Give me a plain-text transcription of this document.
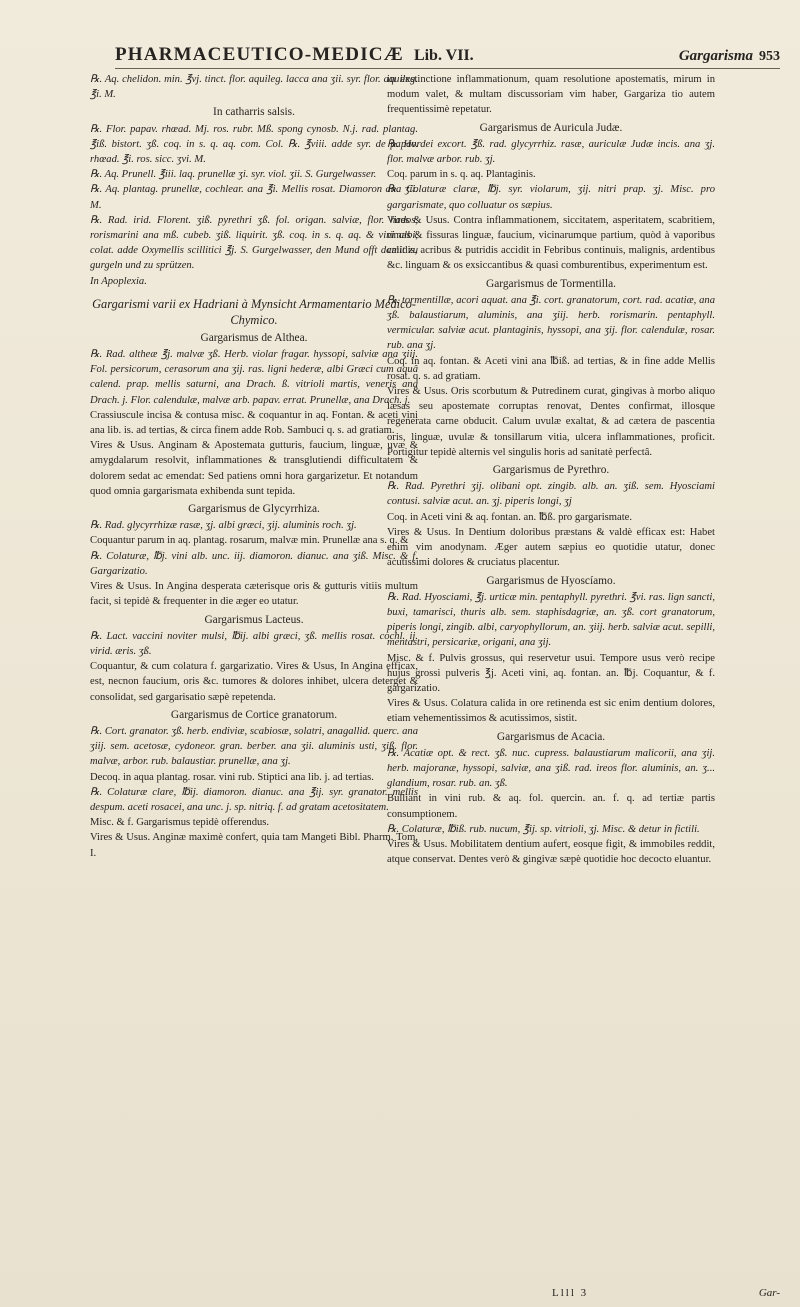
PHARMACEUTICO-MEDICÆ Lib. VII.	Gargarisma 953

℞. Aq. chelidon. min. ℥vj. tinct. flor. aquileg. lacca ana ʒii. syr. flor. aquileg. ℥i. M.

In catharris salsis.

℞. Flor. papav. rhœad. Mj. ros. rubr. Mß. spong cynosb. N.j. rad. plantag. ℥iß. bistort. ʒß. coq. in s. q. aq. com. Col. ℞. ℥viii. adde syr. de papav. rhœad. ℥i. ros. sicc. ʒvi. M.

℞. Aq. Prunell. ℥iii. laq. prunellæ ʒi. syr. viol. ʒii. S. Gurgelwasser.

℞. Aq. plantag. prunellæ, cochlear. ana ℥i. Mellis rosat. Diamoron ana ʒii. M.

℞. Rad. irid. Florent. ʒiß. pyrethri ʒß. fol. origan. salviæ, flor. hados, rorismarini ana mß. cubeb. ʒiß. liquirit. ʒß. coq. in s. q. aq. & vini albi, colat. adde Oxymellis scillitici ℥j. S. Gurgelwasser, den Mund offt damit zu gurgeln und zu sprützen.

In Apoplexia.

Gargarismi varii ex Hadriani à Mynsicht Armamentario Medico-Chymico.

Gargarismus de Althea.

℞. Rad. altheæ ℥j. malvæ ʒß. Herb. violar fragar. hyssopi, salviæ ana ʒiij. Fol. persicorum, cerasorum ana ʒij. ras. ligni hederæ, albi Græci cum aquâ calend. prap. mellis saturni, ana Drach. ß. vitrioli martis, veneris ana Drach. j. Flor. calendulæ, malvæ arb. papav. errat. Prunellæ, ana Drach. j.

Crassiuscule incisa & contusa misc. & coquantur in aq. Fontan. & aceti vini ana lib. is. ad tertias, & circa finem adde Rob. Sambuci q. s. ad gratiam.

Vires & Usus. Anginam & Apostemata gutturis, faucium, linguæ, uvæ & amygdalarum resolvit, inflammationes & transglutiendi difficultatem & dolorem sedat ac emendat: Sed patiens omni hora gargarizetur. Et notandum quod omnia gargarismata exhibenda sunt tepida.

Gargarismus de Glycyrrhiza.

℞. Rad. glycyrrhizæ rasæ, ʒj. albi græci, ʒij. aluminis roch. ʒj.

Coquantur parum in aq. plantag. rosarum, malvæ min. Prunellæ ana s. q. &

℞. Colaturæ, ℔j. vini alb. unc. iij. diamoron. dianuc. ana ʒiß. Misc. & f. Gargarizatio.

Vires & Usus. In Angina desperata cæterisque oris & gutturis vitiis multum facit, si tepidè & frequenter in die æger eo utatur.

Gargarismus Lacteus.

℞. Lact. vaccini noviter mulsi, ℔ij. albi græci, ʒß. mellis rosat. cochl. ij. virid. æris. ʒß.

Coquantur, & cum colatura f. gargarizatio. Vires & Usus, In Angina efficax, est, necnon faucium, oris &c. tumores & dolores inhibet, ulcera deterget & consolidat, sed gargarisatio sæpè repetenda.

Gargarismus de Cortice granatorum.

℞. Cort. granator. ʒß. herb. endiviæ, scabiosæ, solatri, anagallid. querc. ana ʒiij. sem. acetosæ, cydoneor. gran. berber. ana ʒii. aluminis usti, ʒiß. flor. malvæ, arbor. rub. balaustiar. prunellæ, ana ʒj.

Decoq. in aqua plantag. rosar. vini rub. Stiptici ana lib. j. ad tertias.

℞. Colaturæ clare, ℔ij. diamoron. dianuc. ana ℥ij. syr. granator. mellis despum. aceti rosacei, ana unc. j. sp. nitriq. f. ad gratam acetositatem.

Misc. & f. Gargarismus tepidè offerendus.

Vires & Usus. Anginæ maximè confert, quia tam Mangeti Bibl. Pharm. Tom. I.

in exstinctione inflammationum, quam resolutione apostematis, mirum in modum valet, & multam discussoriam vim haber, Gargariza tio autem frequentissimè repetatur.

Gargarismus de Auricula Judæ.

℞. Hordei excort. ℥ß. rad. glycyrrhiz. rasæ, auriculæ Judæ incis. ana ʒj. flor. malvæ arbor. rub. ʒj.

Coq. parum in s. q. aq. Plantaginis.

℞. Colaturæ claræ, ℔j. syr. violarum, ʒij. nitri prap. ʒj. Misc. pro gargarismate, quo colluatur os sæpius.

Vires & Usus. Contra inflammationem, siccitatem, asperitatem, scabritiem, rimas & fissuras linguæ, faucium, vicinarumque partium, quòd à vaporibus calidis, acribus & putridis accidit in Febribus continuis, malignis, ardentibus &c. linguam & os exsiccantibus & quasi comburentibus, experimentum est.

Gargarismus de Tormentilla.

℞. tormentillæ, acori aquat. ana ℥i. cort. granatorum, cort. rad. acatiæ, ana ʒß. balaustiarum, aluminis, ana ʒiij. herb. rorismarin. pentaphyll. vermicular. salviæ acut. plantaginis, hyssopi, ana ʒij. flor. calendulæ, rosar. rub. ana ʒj.

Coq. in aq. fontan. & Aceti vini ana ℔iß. ad tertias, & in fine adde Mellis rosat. q. s. ad gratiam.

Vires & Usus. Oris scorbutum & Putredinem curat, gingivas à morbo aliquo læsas seu apostemate corruptas renovat, Dentes confirmat, illosque regenerata carne obducit. Calum uvulæ exaltat, & ad cætera de pascentia oris, linguæ, uvulæ & tonsillarum vitia, ulcera inflammationes, proficit. Portigitur tepidè alternis vel singulis horis ad sanitatè perfectâ.

Gargarismus de Pyrethro.

℞. Rad. Pyrethri ʒij. olibani opt. zingib. alb. an. ʒiß. sem. Hyosciami contusi. salviæ acut. an. ʒj. piperis longi, ʒj

Coq. in Aceti vini & aq. fontan. an. ℔ß. pro gargarismate.

Vires & Usus. In Dentium doloribus præstans & valdè efficax est: Habet enim vim anodynam. Æger autem sæpius eo quotidie utatur, donec acutissimi dolores & cruciatus placentur.

Gargarismus de Hyoscíamo.

℞. Rad. Hyosciami, ℥j. urticæ min. pentaphyll. pyrethri. ℥vi. ras. lign sancti, buxi, tamarisci, thuris alb. sem. staphisdagriæ, an. ʒß. cort granatorum, piperis longi, zingib. albi, caryophyllorum, an. ʒiij. herb. salviæ acut. sepilli, mentastri, persicariæ, origani, ana ʒij.

Misc. & f. Pulvis grossus, qui reservetur usui. Tempore usus verò recipe hujus grossi pulveris ℥j. Aceti vini, aq. fontan. an. ℔j. Coquantur, & f. gargarizatio.

Vires & Usus. Colatura calida in ore retinenda est sic enim dentium dolores, etiam vehementissimos & acutissimos, sistit.

Gargarismus de Acacia.

℞. Acatiæ opt. & rect. ʒß. nuc. cupress. balaustiarum malicorii, ana ʒij. herb. majoranæ, hyssopi, salviæ, ana ʒiß. rad. ireos flor. aluminis, an. ʒ... glandium, rosar. rub. an. ʒß.

Bulliant in vini rub. & aq. fol. quercin. an. f. q. ad tertiæ partis consumptionem.

℞. Colaturæ, ℔iß. rub. nucum, ℥ij. sp. vitrioli, ʒj. Misc. & detur in fictili.

Vires & Usus. Mobilitatem dentium aufert, eosque figit, & immobiles reddit, atque conservat. Dentes verò & gingivæ sæpè quotidie hoc decocto eluantur.

Llll 3	Gar-
